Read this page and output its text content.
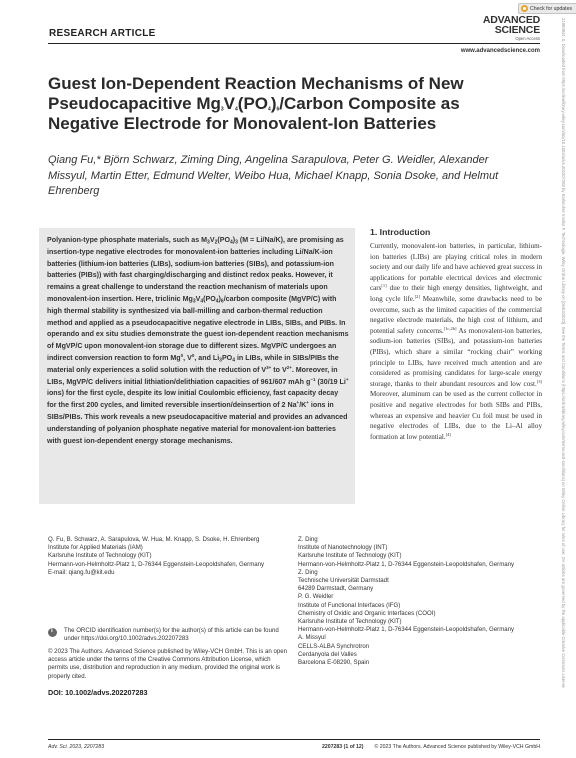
Check for updates
21983844, 0, Downloaded from https://onlinelibrary.wiley.com/doi/10.1002/advs.202207283 by Karlsruher Institut F. Technologie, Wiley Online Library on [06/03/2023]. See the Terms and Conditions (https://onlinelibrary.wiley.com/terms-and-conditions) on Wiley Online Library for rules of use; OA articles are governed by the applicable Creative Commons License
RESEARCH ARTICLE
ADVANCED
SCIENCE
Open Access
www.advancedscience.com
Guest Ion-Dependent Reaction Mechanisms of New Pseudocapacitive $Mg_3V_4(PO_4)_6$/Carbon Composite as Negative Electrode for Monovalent-Ion Batteries
Qiang Fu,* Björn Schwarz, Ziming Ding, Angelina Sarapulova, Peter G. Weidler, Alexander Missyul, Martin Etter, Edmund Welter, Weibo Hua, Michael Knapp, Sonia Dsoke, and Helmut Ehrenberg
Polyanion-type phosphate materials, such as $M_3V_2(PO_4)_3$ (M = Li/Na/K), are promising as insertion-type negative electrodes for monovalent-ion batteries including Li/Na/K-ion batteries (lithium-ion batteries (LIBs), sodium-ion batteries (SIBs), and potassium-ion batteries (PIBs)) with fast charging/discharging and distinct redox peaks. However, it remains a great challenge to understand the reaction mechanism of materials upon monovalent-ion insertion. Here, triclinic $Mg_3V_4(PO_4)_6$/carbon composite (MgVP/C) with high thermal stability is synthesized via ball-milling and carbon-thermal reduction method and applied as a pseudocapacitive negative electrode in LIBs, SIBs, and PIBs. In operando and ex situ studies demonstrate the guest ion-dependent reaction mechanisms of MgVP/C upon monovalent-ion storage due to different sizes. MgVP/C undergoes an indirect conversion reaction to form Mg$^0$, $V^0$, and $Li_3PO_4$ in LIBs, while in SIBs/PIBs the material only experiences a solid solution with the reduction of $V^{3+}$ to $V^{2+}$. Moreover, in LIBs, MgVP/C delivers initial lithiation/delithiation capacities of 961/607 mAh $g^{-1}$ (30/19 Li+ ions) for the first cycle, despite its low initial Coulombic efficiency, fast capacity decay for the first 200 cycles, and limited reversible insertion/deinsertion of 2 Na+/K+ ions in SIBs/PIBs. This work reveals a new pseudocapacitive material and provides an advanced understanding of polyanion phosphate negative material for monovalent-ion batteries with guest ion-dependent energy storage mechanisms.
1. Introduction
Currently, monovalent-ion batteries, in particular, lithium-ion batteries (LIBs) are playing critical roles in modern society and our daily life and have achieved great success in applications for portable electrical devices and electronic cars[1] due to their high energy densities, lightweight, and long cycle life.[2] Meanwhile, some drawbacks need to be overcome, such as the limited capacities of the commercial negative electrode materials, the high cost of lithium, and potential safety concerns.[1c,2b] As monovalent-ion batteries, sodium-ion batteries (SIBs), and potassium-ion batteries (PIBs), which share a similar “rocking chair” working principle to LIBs, have received much attention and are considered as promising candidates for large-scale energy storage, thanks to their abundant resources and low cost.[3] Moreover, aluminum can be used as the current collector in positive and negative electrodes for both SIBs and PIBs, whereas an expensive and heavier Cu foil must be used in negative electrodes of LIBs, due to the Li–Al alloy formation at low potential.[4]
Q. Fu, B. Schwarz, A. Sarapulova, W. Hua, M. Knapp, S. Dsoke, H. Ehrenberg
Institute for Applied Materials (IAM)
Karlsruhe Institute of Technology (KIT)
Hermann-von-Helmholtz-Platz 1, D-76344 Eggenstein-Leopoldshafen, Germany
E-mail: qiang.fu@kit.edu
Z. Ding
Institute of Nanotechnology (INT)
Karlsruhe Institute of Technology (KIT)
Hermann-von-Helmholtz-Platz 1, D-76344 Eggenstein-Leopoldshafen, Germany
Z. Ding
Technische Universität Darmstadt
64289 Darmstadt, Germany
P. G. Weidler
Institute of Functional Interfaces (IFG)
Chemistry of Oxidic and Organic Interfaces (COOI)
Karlsruhe Institute of Technology (KIT)
Hermann-von-Helmholtz-Platz 1, D-76344 Eggenstein-Leopoldshafen, Germany
A. Missyul
CELLS-ALBA Synchrotron
Cerdanyola del Valles
Barcelona E-08290, Spain
i
The ORCID identification number(s) for the author(s) of this article can be found under https://doi.org/10.1002/advs.202207283
© 2023 The Authors. Advanced Science published by Wiley-VCH GmbH. This is an open access article under the terms of the Creative Commons Attribution License, which permits use, distribution and reproduction in any medium, provided the original work is properly cited.
DOI: 10.1002/advs.202207283
Adv. Sci. 2023, 2207283	2207283 (1 of 12)	© 2023 The Authors. Advanced Science published by Wiley-VCH GmbH
